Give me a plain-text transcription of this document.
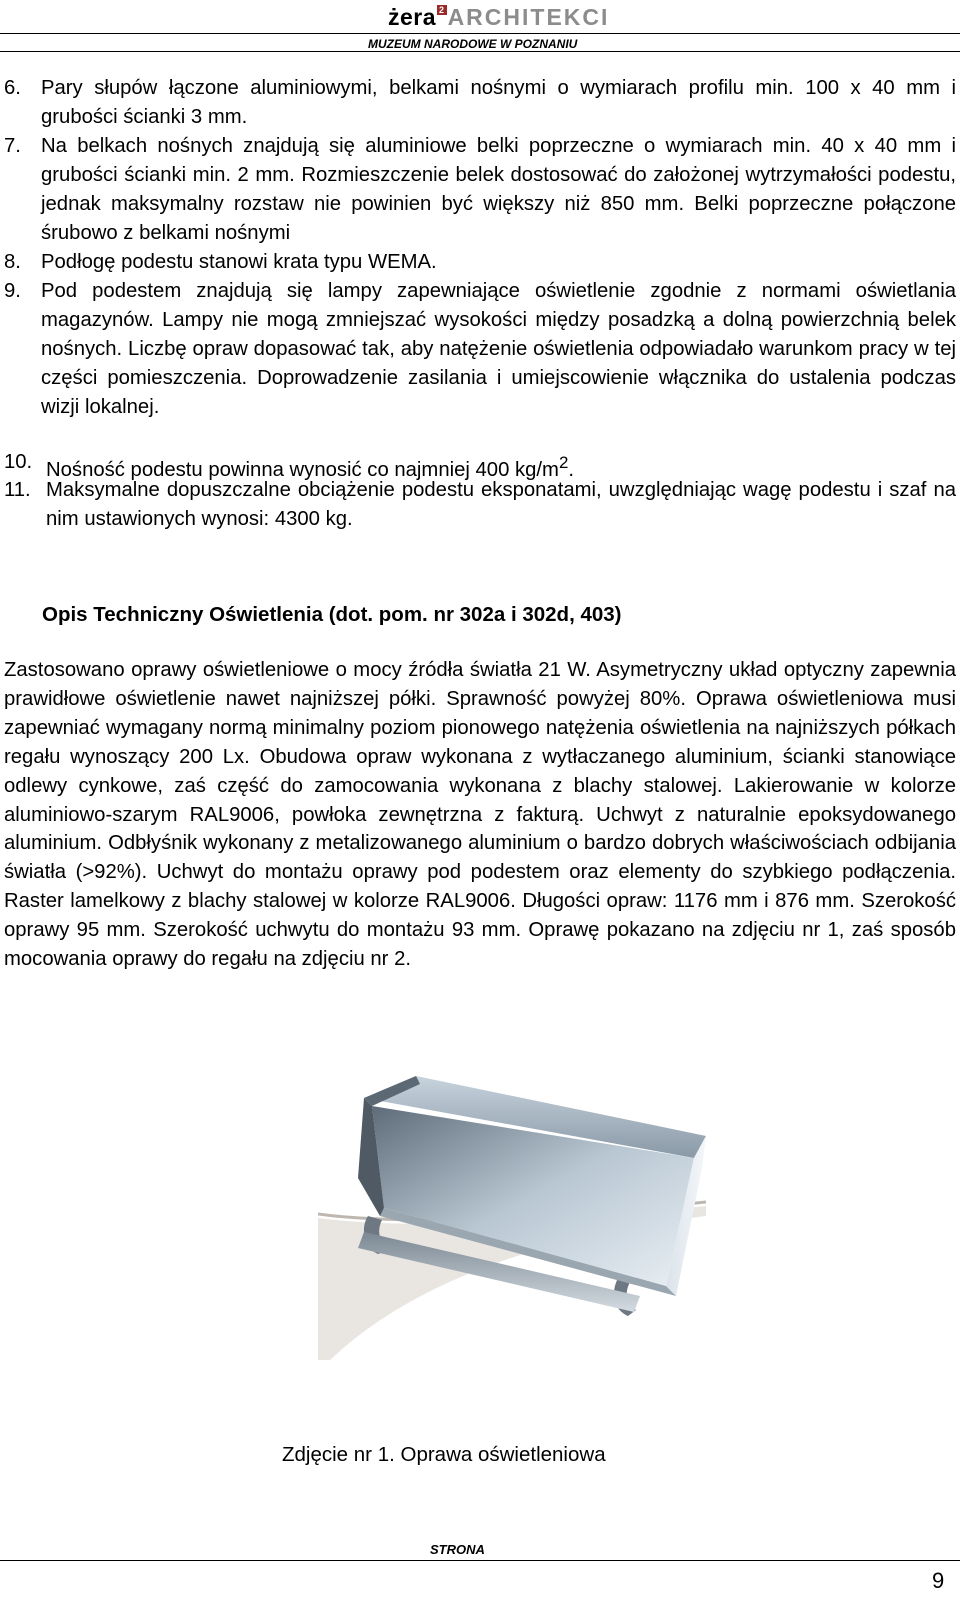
żera 2 ARCHITEKCI
MUZEUM NARODOWE W POZNANIU
6. Pary słupów łączone aluminiowymi, belkami nośnymi o wymiarach profilu min. 100 x 40 mm i grubości ścianki 3 mm.
7. Na belkach nośnych znajdują się aluminiowe belki poprzeczne o wymiarach min. 40 x 40 mm i grubości ścianki min. 2 mm. Rozmieszczenie belek dostosować do założonej wytrzymałości podestu, jednak maksymalny rozstaw nie powinien być większy niż 850 mm. Belki poprzeczne połączone śrubowo z belkami nośnymi
8. Podłogę podestu stanowi krata typu WEMA.
9. Pod podestem znajdują się lampy zapewniające oświetlenie zgodnie z normami oświetlania magazynów. Lampy nie mogą zmniejszać wysokości między posadzką a dolną powierzchnią belek nośnych. Liczbę opraw dopasować tak, aby natężenie oświetlenia odpowiadało warunkom pracy w tej części pomieszczenia. Doprowadzenie zasilania i umiejscowienie włącznika do ustalenia podczas wizji lokalnej.
10. Nośność podestu powinna wynosić co najmniej 400 $kg/m^2$.
11. Maksymalne dopuszczalne obciążenie podestu eksponatami, uwzględniając wagę podestu i szaf na nim ustawionych wynosi: 4300 kg.
Opis Techniczny Oświetlenia (dot. pom. nr 302a i 302d, 403)
Zastosowano oprawy oświetleniowe o mocy źródła światła 21 W. Asymetryczny układ optyczny zapewnia prawidłowe oświetlenie nawet najniższej półki. Sprawność powyżej 80%. Oprawa oświetleniowa musi zapewniać wymagany normą minimalny poziom pionowego natężenia oświetlenia na najniższych półkach regału wynoszący 200 Lx. Obudowa opraw wykonana z wytłaczanego aluminium, ścianki stanowiące odlewy cynkowe, zaś część do zamocowania wykonana z blachy stalowej. Lakierowanie w kolorze aluminiowo-szarym RAL9006, powłoka zewnętrzna z fakturą. Uchwyt z naturalnie epoksydowanego aluminium. Odbłyśnik wykonany z metalizowanego aluminium o bardzo dobrych właściwościach odbijania światła (>92%). Uchwyt do montażu oprawy pod podestem oraz elementy do szybkiego podłączenia. Raster lamelkowy z blachy stalowej w kolorze RAL9006. Długości opraw: 1176 mm i 876 mm. Szerokość oprawy 95 mm. Szerokość uchwytu do montażu 93 mm. Oprawę pokazano na zdjęciu nr 1, zaś sposób mocowania oprawy do regału na zdjęciu nr 2.
Zdjęcie nr 1. Oprawa oświetleniowa
STRONA
9
